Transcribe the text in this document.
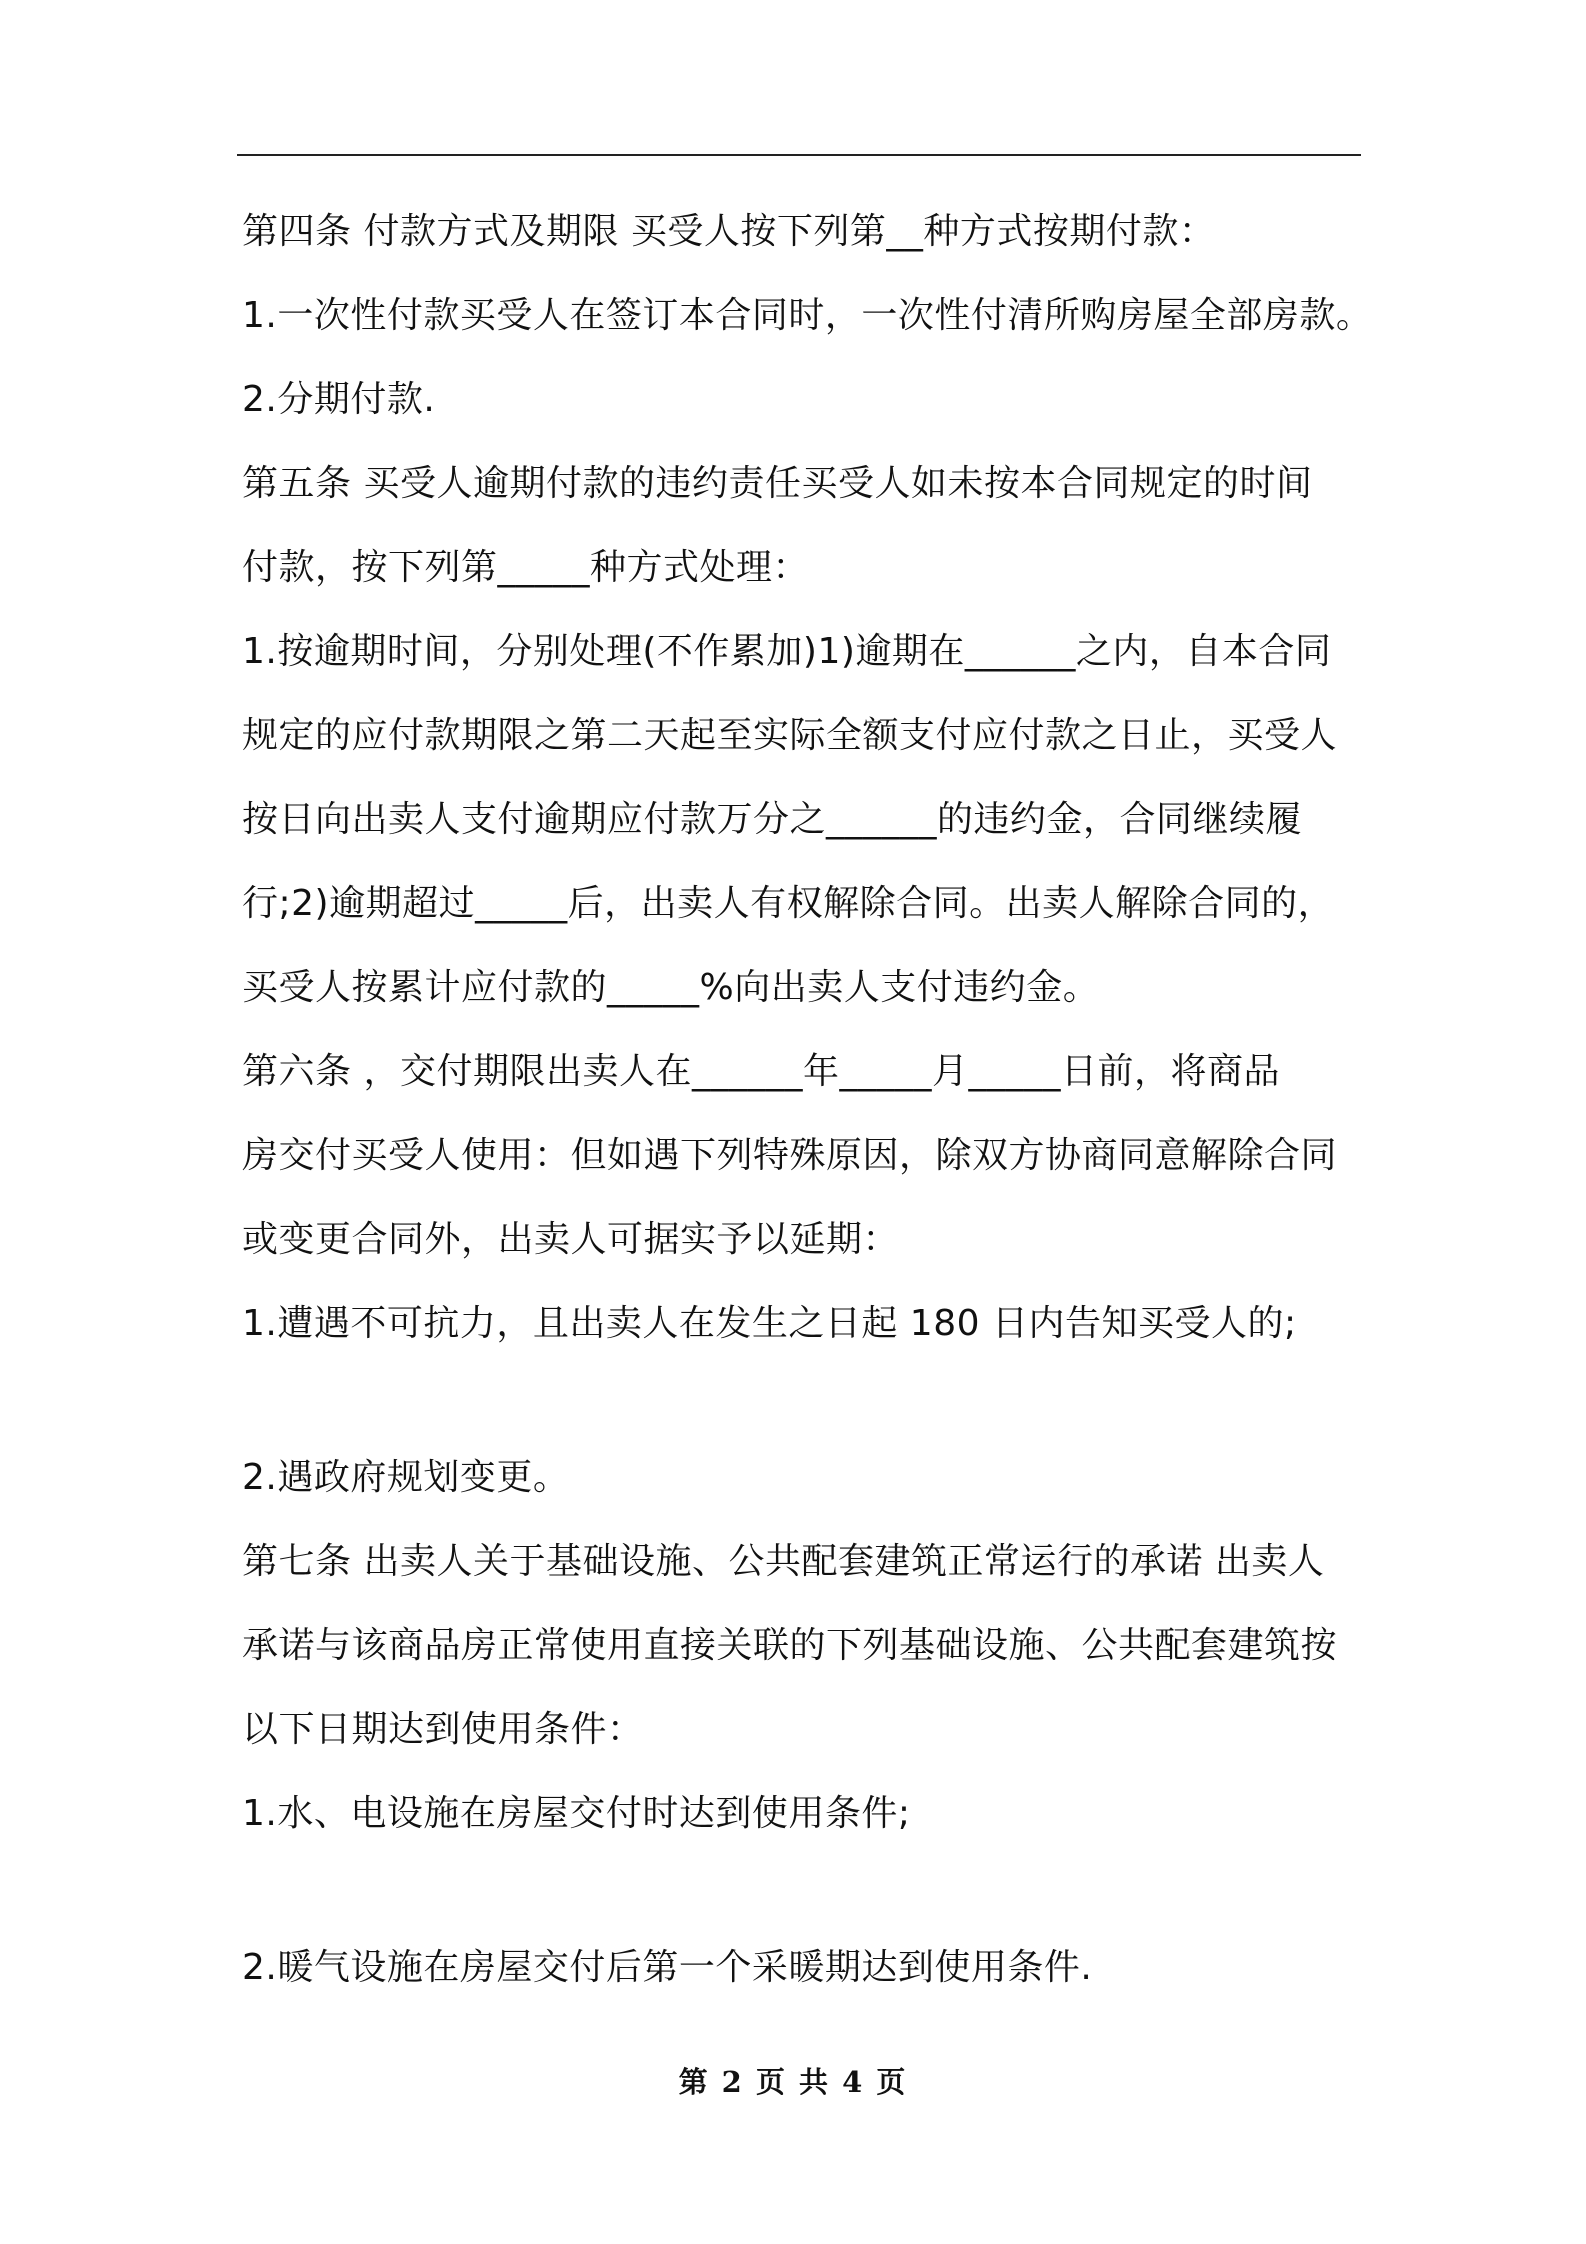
第四条 付款方式及期限 买受人按下列第__种方式按期付款：
1.一次性付款买受人在签订本合同时，一次性付清所购房屋全部房款。
2.分期付款.
第五条 买受人逾期付款的违约责任买受人如未按本合同规定的时间
付款，按下列第_____种方式处理：
1.按逾期时间，分别处理(不作累加)1)逾期在______之内，自本合同
规定的应付款期限之第二天起至实际全额支付应付款之日止，买受人
按日向出卖人支付逾期应付款万分之______的违约金，合同继续履
行;2)逾期超过_____后，出卖人有权解除合同。出卖人解除合同的，
买受人按累计应付款的_____%向出卖人支付违约金。
第六条 ，交付期限出卖人在______年_____月_____日前，将商品
房交付买受人使用：但如遇下列特殊原因，除双方协商同意解除合同
或变更合同外，出卖人可据实予以延期：
1.遭遇不可抗力，且出卖人在发生之日起 180 日内告知买受人的;
2.遇政府规划变更。
第七条 出卖人关于基础设施、公共配套建筑正常运行的承诺 出卖人
承诺与该商品房正常使用直接关联的下列基础设施、公共配套建筑按
以下日期达到使用条件：
1.水、电设施在房屋交付时达到使用条件;
2.暖气设施在房屋交付后第一个采暖期达到使用条件.
第 2 页 共 4 页
